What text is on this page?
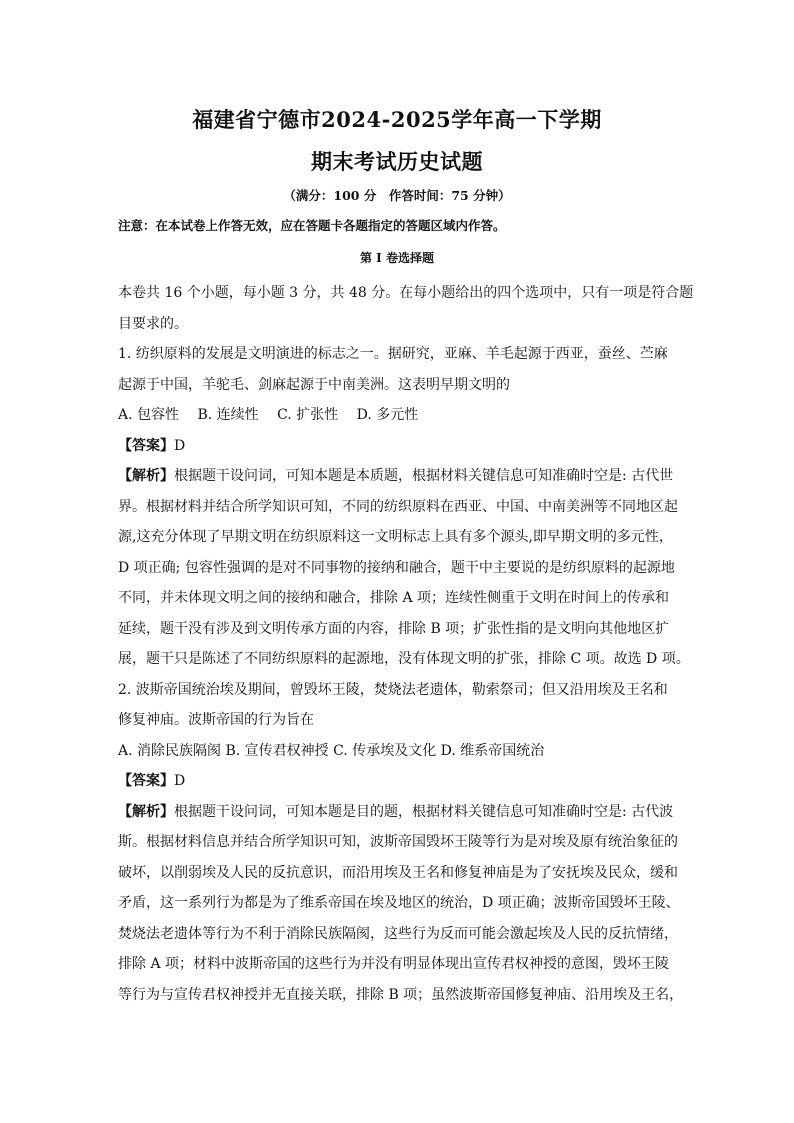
福建省宁德市2024-2025学年高一下学期
期末考试历史试题
（满分：100 分　作答时间：75 分钟）
注意：在本试卷上作答无效，应在答题卡各题指定的答题区域内作答。
第 I 卷选择题

本卷共 16 个小题，每小题 3 分，共 48 分。在每小题给出的四个选项中，只有一项是符合题

目要求的。

1. 纺织原料的发展是文明演进的标志之一。据研究，亚麻、羊毛起源于西亚，蚕丝、苎麻

起源于中国，羊驼毛、剑麻起源于中南美洲。这表明早期文明的

A. 包容性　 B. 连续性　 C. 扩张性　 D. 多元性

【答案】D

【解析】根据题干设问词，可知本题是本质题，根据材料关键信息可知准确时空是: 古代世

界。根据材料并结合所学知识可知，不同的纺织原料在西亚、中国、中南美洲等不同地区起

源,这充分体现了早期文明在纺织原料这一文明标志上具有多个源头,即早期文明的多元性，

D 项正确; 包容性强调的是对不同事物的接纳和融合，题干中主要说的是纺织原料的起源地

不同，并未体现文明之间的接纳和融合，排除 A 项；连续性侧重于文明在时间上的传承和

延续，题干没有涉及到文明传承方面的内容，排除 B 项；扩张性指的是文明向其他地区扩

展，题干只是陈述了不同纺织原料的起源地，没有体现文明的扩张，排除 C 项。故选 D 项。

2. 波斯帝国统治埃及期间，曾毁坏王陵，焚烧法老遗体，勒索祭司；但又沿用埃及王名和

修复神庙。波斯帝国的行为旨在

A. 消除民族隔阂 B. 宣传君权神授 C. 传承埃及文化 D. 维系帝国统治

【答案】D

【解析】根据题干设问词，可知本题是目的题，根据材料关键信息可知准确时空是: 古代波

斯。根据材料信息并结合所学知识可知，波斯帝国毁坏王陵等行为是对埃及原有统治象征的

破坏，以削弱埃及人民的反抗意识，而沿用埃及王名和修复神庙是为了安抚埃及民众，缓和

矛盾，这一系列行为都是为了维系帝国在埃及地区的统治，D 项正确；波斯帝国毁坏王陵、

焚烧法老遗体等行为不利于消除民族隔阂，这些行为反而可能会激起埃及人民的反抗情绪，

排除 A 项；材料中波斯帝国的这些行为并没有明显体现出宣传君权神授的意图，毁坏王陵

等行为与宣传君权神授并无直接关联，排除 B 项；虽然波斯帝国修复神庙、沿用埃及王名，
